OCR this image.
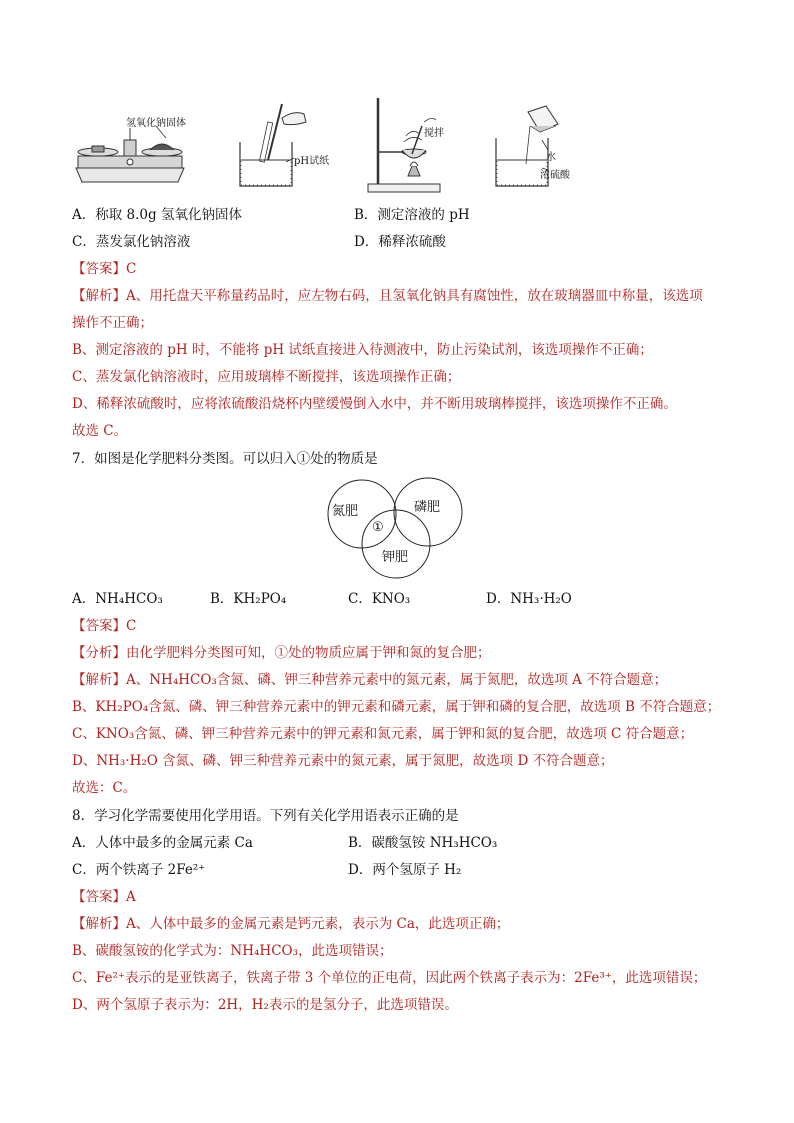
氢氧化钠固体
pH试纸
搅拌
水
浓硫酸
A．称取 8.0g 氢氧化钠固体	B．测定溶液的 pH
C．蒸发氯化钠溶液	D．稀释浓硫酸
【答案】C
【解析】A、用托盘天平称量药品时，应左物右码，且氢氧化钠具有腐蚀性，放在玻璃器皿中称量，该选项
操作不正确；
B、测定溶液的 pH 时，不能将 pH 试纸直接进入待测液中，防止污染试剂，该选项操作不正确；
C、蒸发氯化钠溶液时，应用玻璃棒不断搅拌，该选项操作正确；
D、稀释浓硫酸时，应将浓硫酸沿烧杯内壁缓慢倒入水中，并不断用玻璃棒搅拌，该选项操作不正确。
故选 C。
7．如图是化学肥料分类图。可以归入①处的物质是
氮肥	磷肥
钾肥
①
A．NH₄HCO₃	B．KH₂PO₄	C．KNO₃	D．NH₃·H₂O
【答案】C
【分析】由化学肥料分类图可知，①处的物质应属于钾和氮的复合肥；
【解析】A、NH₄HCO₃含氮、磷、钾三种营养元素中的氮元素，属于氮肥，故选项 A 不符合题意；
B、KH₂PO₄含氮、磷、钾三种营养元素中的钾元素和磷元素，属于钾和磷的复合肥，故选项 B 不符合题意；
C、KNO₃含氮、磷、钾三种营养元素中的钾元素和氮元素，属于钾和氮的复合肥，故选项 C 符合题意；
D、NH₃·H₂O 含氮、磷、钾三种营养元素中的氮元素，属于氮肥，故选项 D 不符合题意；
故选：C。
8．学习化学需要使用化学用语。下列有关化学用语表示正确的是
A．人体中最多的金属元素 Ca	B．碳酸氢铵 NH₃HCO₃
C．两个铁离子 2Fe²⁺	D．两个氢原子 H₂
【答案】A
【解析】A、人体中最多的金属元素是钙元素，表示为 Ca，此选项正确；
B、碳酸氢铵的化学式为：NH₄HCO₃，此选项错误；
C、Fe²⁺表示的是亚铁离子，铁离子带 3 个单位的正电荷，因此两个铁离子表示为：2Fe³⁺，此选项错误；
D、两个氢原子表示为：2H，H₂表示的是氢分子，此选项错误。
